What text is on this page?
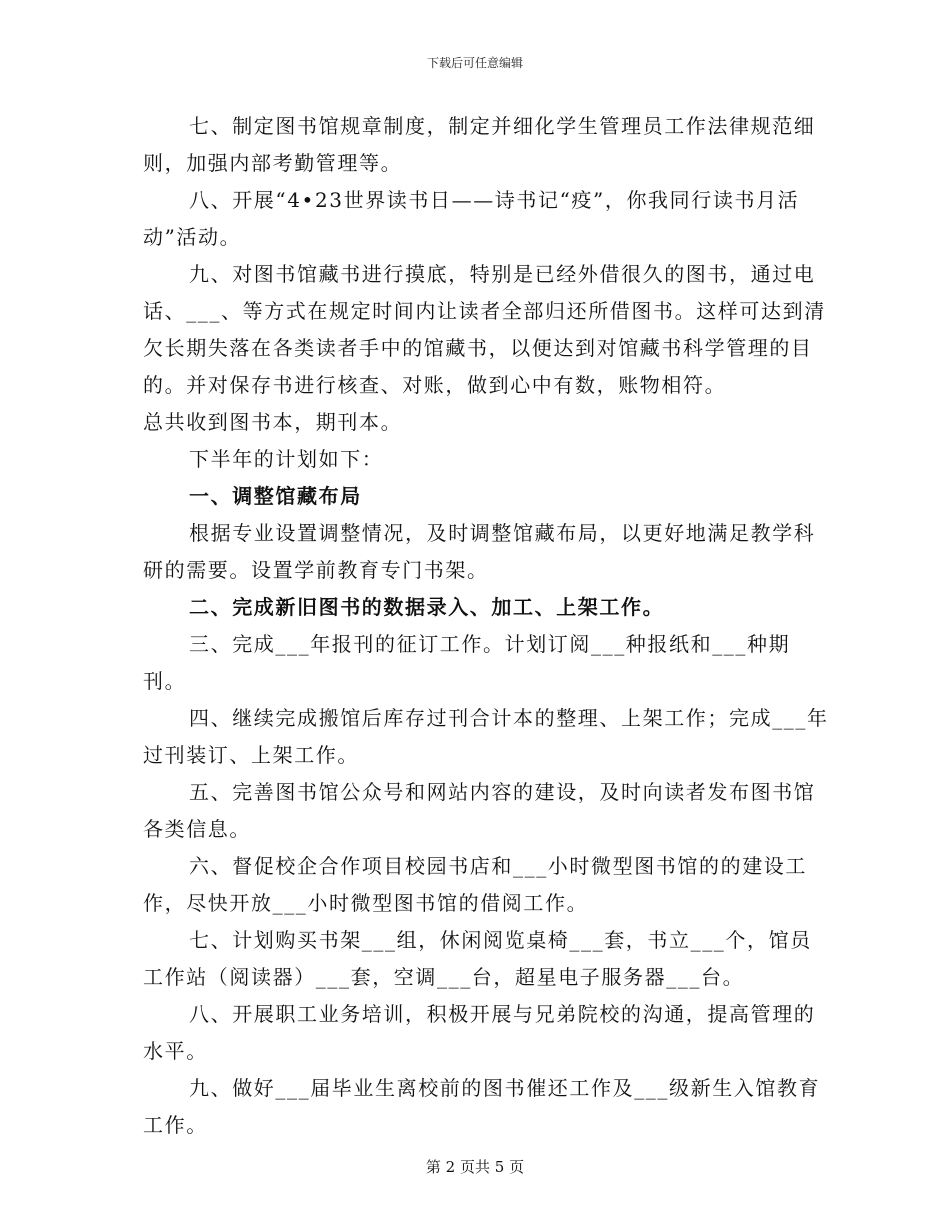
下载后可任意编辑

七、制定图书馆规章制度，制定并细化学生管理员工作法律规范细则，加强内部考勤管理等。

八、开展“4•23世界读书日——诗书记“疫”，你我同行读书月活动”活动。

九、对图书馆藏书进行摸底，特别是已经外借很久的图书，通过电话、___、等方式在规定时间内让读者全部归还所借图书。这样可达到清欠长期失落在各类读者手中的馆藏书，以便达到对馆藏书科学管理的目的。并对保存书进行核查、对账，做到心中有数，账物相符。

总共收到图书本，期刊本。

下半年的计划如下：

一、调整馆藏布局

根据专业设置调整情况，及时调整馆藏布局，以更好地满足教学科研的需要。设置学前教育专门书架。

二、完成新旧图书的数据录入、加工、上架工作。

三、完成___年报刊的征订工作。计划订阅___种报纸和___种期刊。

四、继续完成搬馆后库存过刊合计本的整理、上架工作；完成___年过刊装订、上架工作。

五、完善图书馆公众号和网站内容的建设，及时向读者发布图书馆各类信息。

六、督促校企合作项目校园书店和___小时微型图书馆的的建设工作，尽快开放___小时微型图书馆的借阅工作。

七、计划购买书架___组，休闲阅览桌椅___套，书立___个，馆员工作站（阅读器）___套，空调___台，超星电子服务器___台。

八、开展职工业务培训，积极开展与兄弟院校的沟通，提高管理的水平。

九、做好___届毕业生离校前的图书催还工作及___级新生入馆教育工作。

第 2 页共 5 页
